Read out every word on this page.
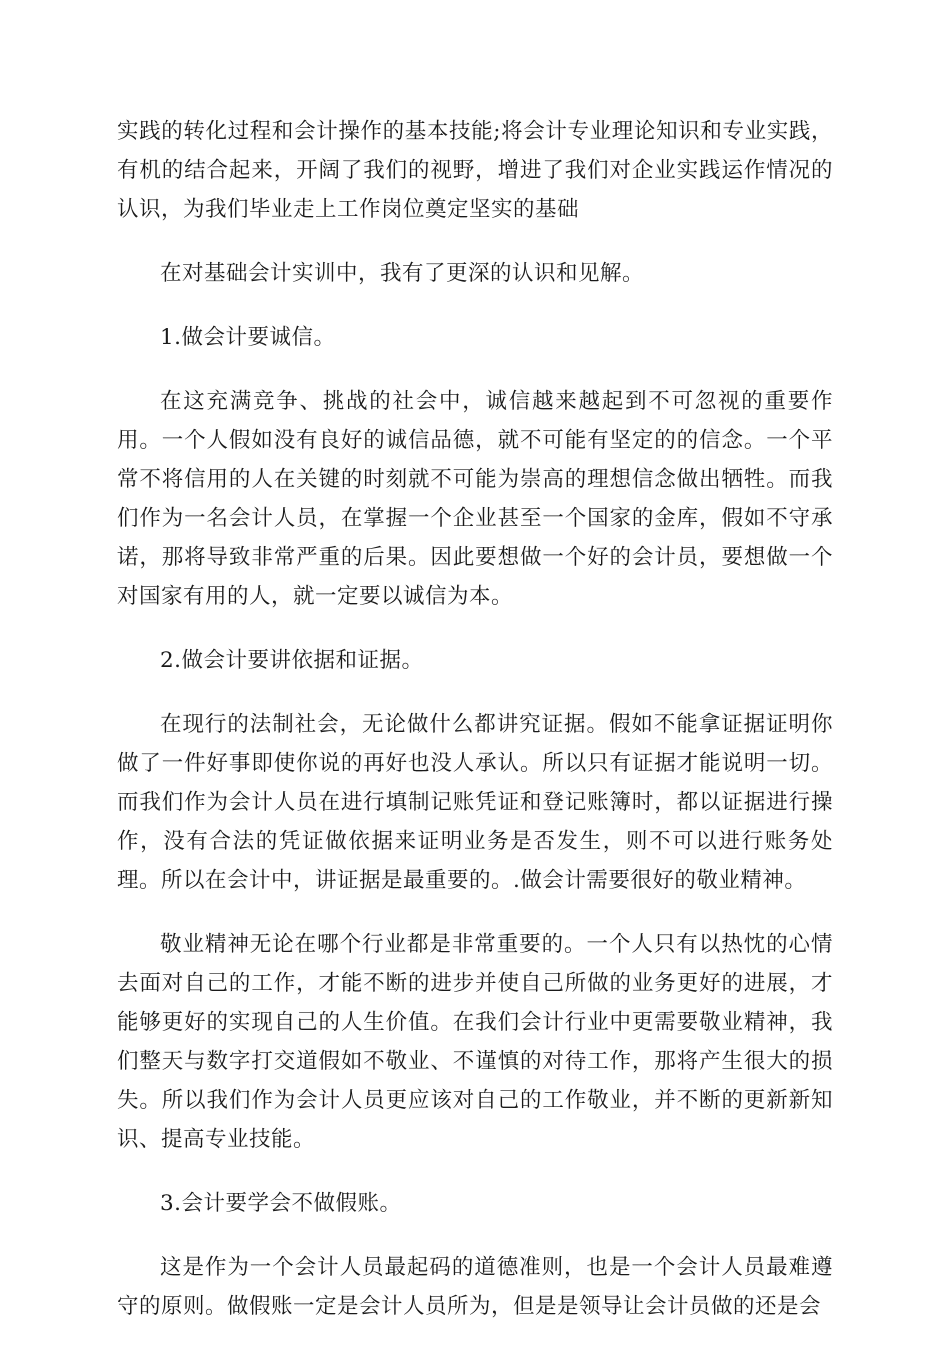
实践的转化过程和会计操作的基本技能;将会计专业理论知识和专业实践，有机的结合起来，开阔了我们的视野，增进了我们对企业实践运作情况的认识，为我们毕业走上工作岗位奠定坚实的基础

在对基础会计实训中，我有了更深的认识和见解。

1.做会计要诚信。

在这充满竞争、挑战的社会中，诚信越来越起到不可忽视的重要作用。一个人假如没有良好的诚信品德，就不可能有坚定的的信念。一个平常不将信用的人在关键的时刻就不可能为崇高的理想信念做出牺牲。而我们作为一名会计人员，在掌握一个企业甚至一个国家的金库，假如不守承诺，那将导致非常严重的后果。因此要想做一个好的会计员，要想做一个对国家有用的人，就一定要以诚信为本。

2.做会计要讲依据和证据。

在现行的法制社会，无论做什么都讲究证据。假如不能拿证据证明你做了一件好事即使你说的再好也没人承认。所以只有证据才能说明一切。而我们作为会计人员在进行填制记账凭证和登记账簿时，都以证据进行操作，没有合法的凭证做依据来证明业务是否发生，则不可以进行账务处理。所以在会计中，讲证据是最重要的。.做会计需要很好的敬业精神。

敬业精神无论在哪个行业都是非常重要的。一个人只有以热忱的心情去面对自己的工作，才能不断的进步并使自己所做的业务更好的进展，才能够更好的实现自己的人生价值。在我们会计行业中更需要敬业精神，我们整天与数字打交道假如不敬业、不谨慎的对待工作，那将产生很大的损失。所以我们作为会计人员更应该对自己的工作敬业，并不断的更新新知识、提高专业技能。

3.会计要学会不做假账。

这是作为一个会计人员最起码的道德准则，也是一个会计人员最难遵守的原则。做假账一定是会计人员所为，但是是领导让会计员做的还是会
